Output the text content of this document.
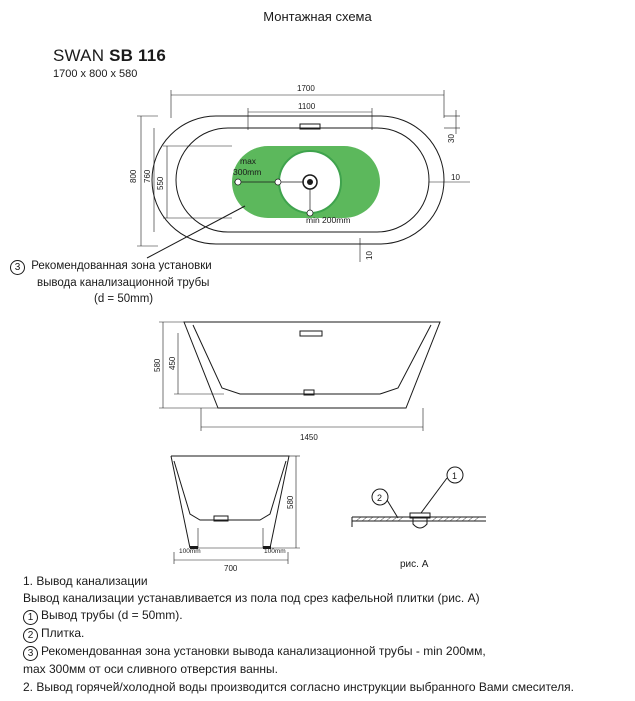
Монтажная схема
SWAN SB 116
1700 x 800 x 580
max
300mm
min 200mm
1700
1100
800 760
550
30
10
10
580 450
1450
100mm	100mm
700
580
1
2
рис. А
3 Рекомендованная зона установки
вывода канализационной трубы
(d = 50mm)
1. Вывод канализации
Вывод канализации устанавливается из пола под срез кафельной плитки (рис. А)
1 Вывод трубы (d = 50mm).
2 Плитка.
3 Рекомендованная зона установки вывода канализационной трубы - min 200мм,
max 300мм от оси сливного отверстия ванны.
2. Вывод горячей/холодной воды производится согласно инструкции выбранного Вами смесителя.
